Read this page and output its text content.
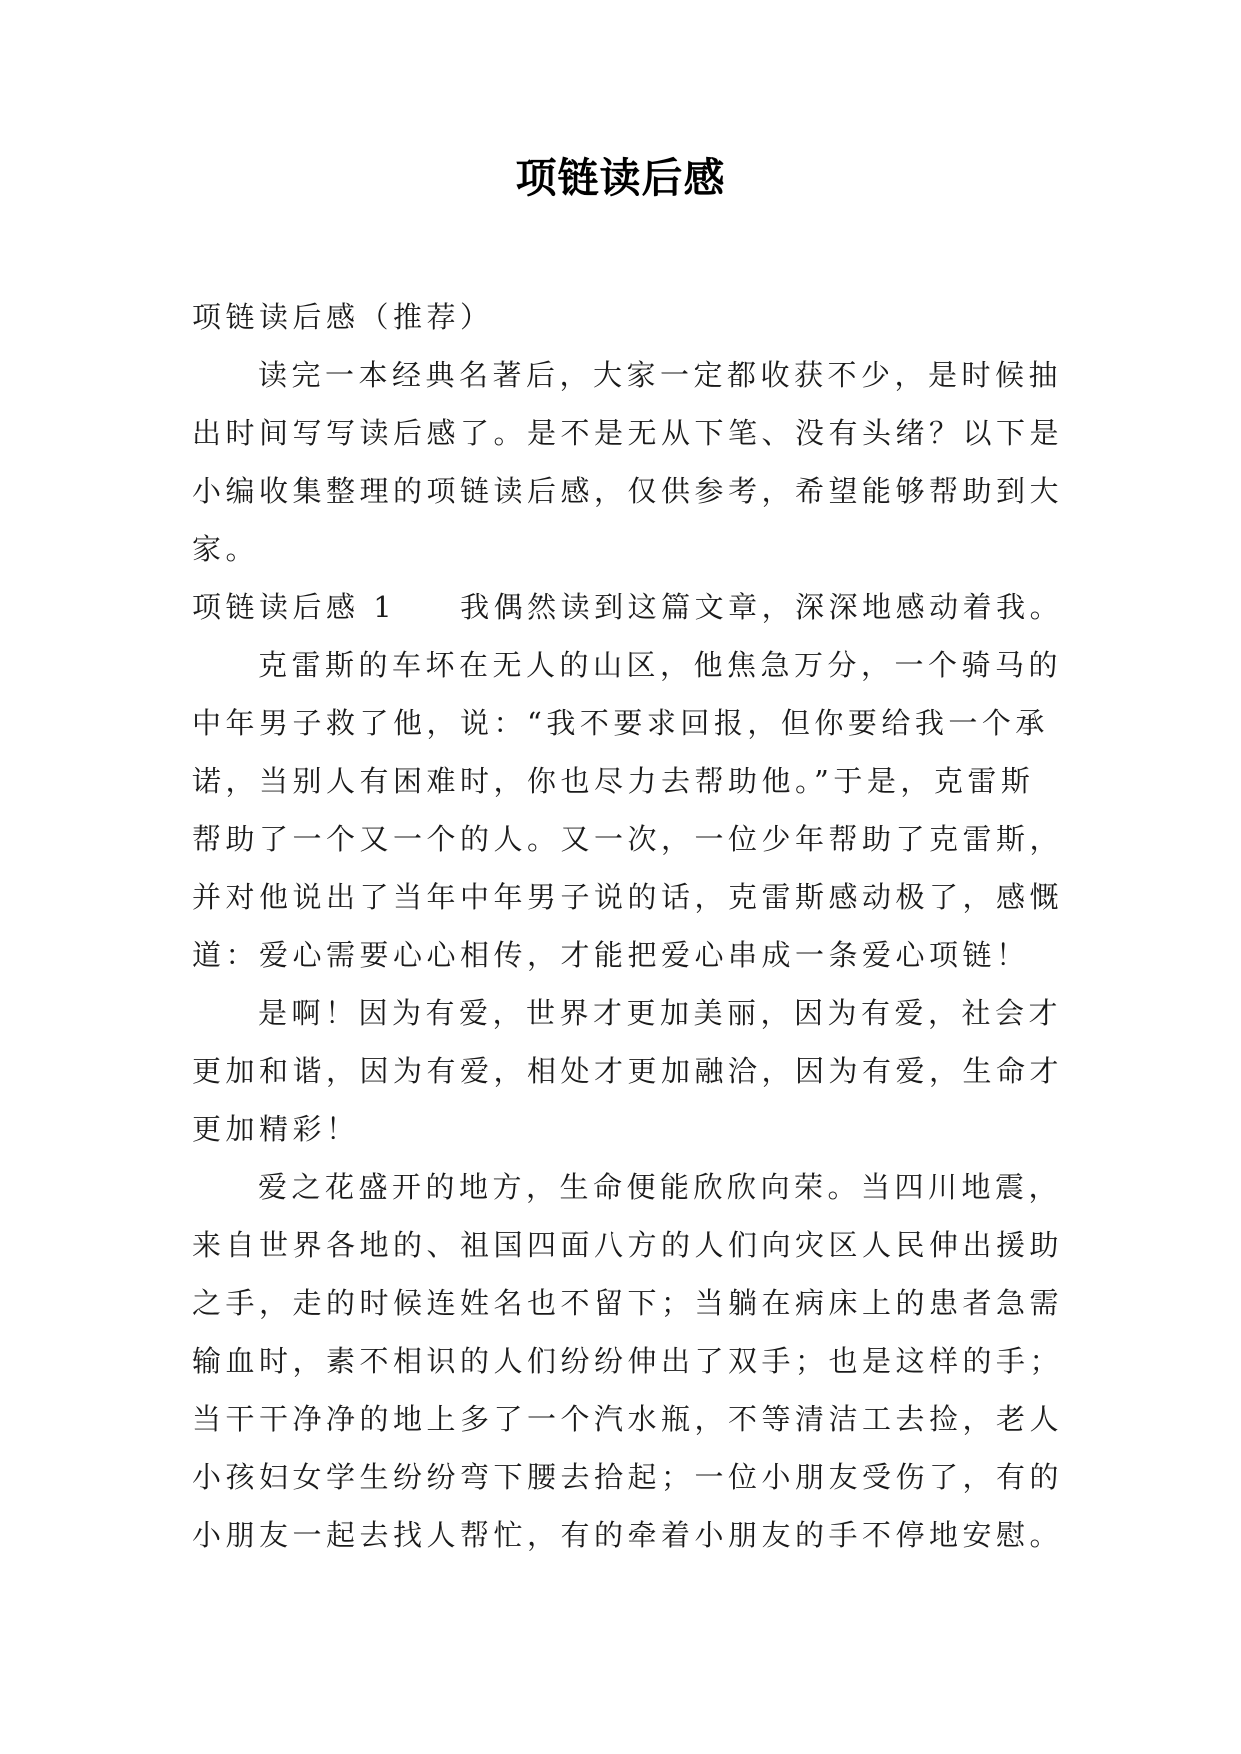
项链读后感
项链读后感（推荐）
读完一本经典名著后，大家一定都收获不少，是时候抽
出时间写写读后感了。是不是无从下笔、没有头绪？以下是
小编收集整理的项链读后感，仅供参考，希望能够帮助到大
家。
项链读后感 1 我偶然读到这篇文章，深深地感动着我。
克雷斯的车坏在无人的山区，他焦急万分，一个骑马的
中年男子救了他，说：“我不要求回报，但你要给我一个承
诺，当别人有困难时，你也尽力去帮助他。”于是，克雷斯
帮助了一个又一个的人。又一次，一位少年帮助了克雷斯，
并对他说出了当年中年男子说的话，克雷斯感动极了，感慨
道：爱心需要心心相传，才能把爱心串成一条爱心项链！
是啊！因为有爱，世界才更加美丽，因为有爱，社会才
更加和谐，因为有爱，相处才更加融洽，因为有爱，生命才
更加精彩！
爱之花盛开的地方，生命便能欣欣向荣。当四川地震，
来自世界各地的、祖国四面八方的人们向灾区人民伸出援助
之手，走的时候连姓名也不留下；当躺在病床上的患者急需
输血时，素不相识的人们纷纷伸出了双手；也是这样的手；
当干干净净的地上多了一个汽水瓶，不等清洁工去捡，老人
小孩妇女学生纷纷弯下腰去拾起；一位小朋友受伤了，有的
小朋友一起去找人帮忙，有的牵着小朋友的手不停地安慰。
